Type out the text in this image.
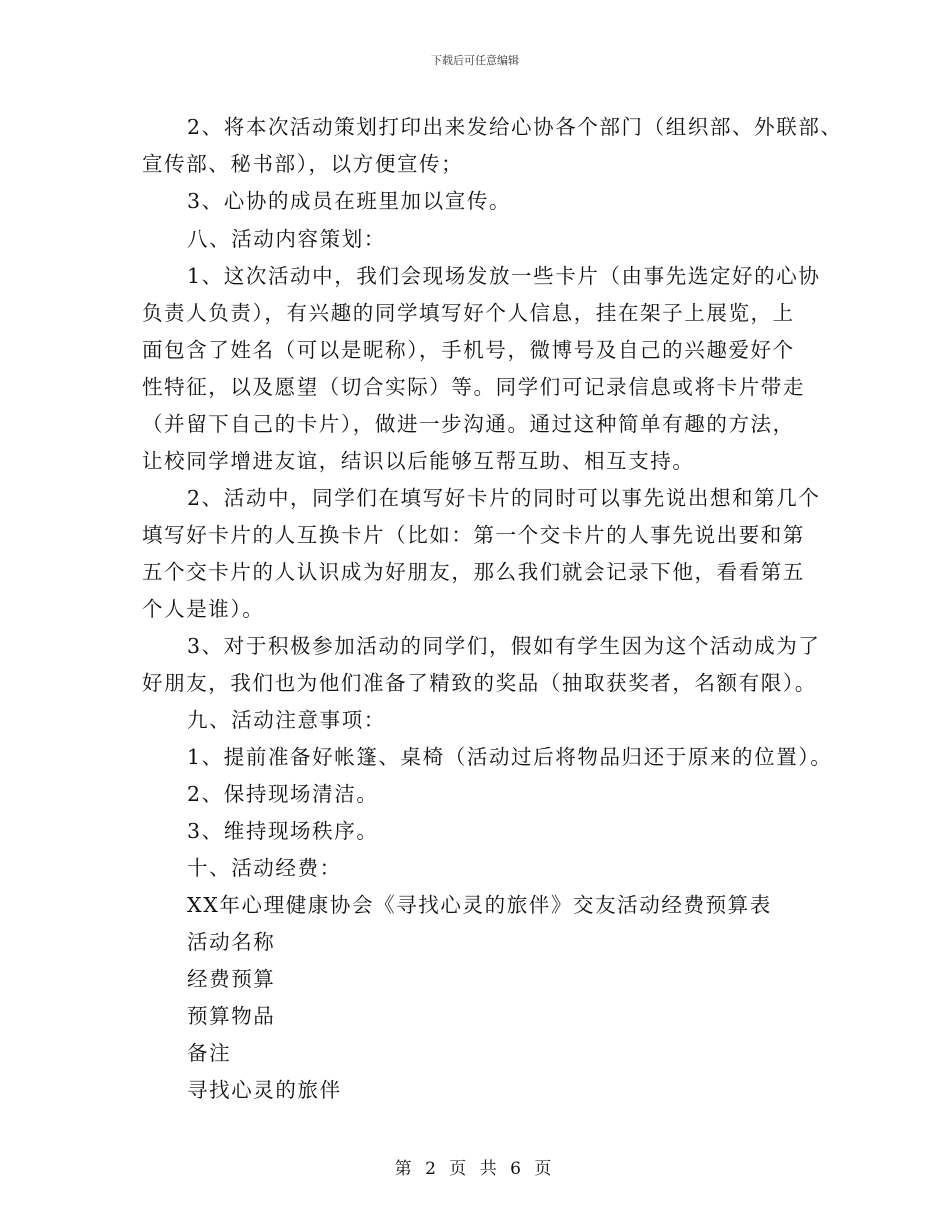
下载后可任意编辑
2、将本次活动策划打印出来发给心协各个部门（组织部、外联部、
宣传部、秘书部），以方便宣传；
3、心协的成员在班里加以宣传。
八、活动内容策划：
1、这次活动中，我们会现场发放一些卡片（由事先选定好的心协
负责人负责），有兴趣的同学填写好个人信息，挂在架子上展览，上
面包含了姓名（可以是昵称），手机号，微博号及自己的兴趣爱好个
性特征，以及愿望（切合实际）等。同学们可记录信息或将卡片带走
（并留下自己的卡片），做进一步沟通。通过这种简单有趣的方法，
让校同学增进友谊，结识以后能够互帮互助、相互支持。
2、活动中，同学们在填写好卡片的同时可以事先说出想和第几个
填写好卡片的人互换卡片（比如：第一个交卡片的人事先说出要和第
五个交卡片的人认识成为好朋友，那么我们就会记录下他，看看第五
个人是谁）。
3、对于积极参加活动的同学们，假如有学生因为这个活动成为了
好朋友，我们也为他们准备了精致的奖品（抽取获奖者，名额有限）。
九、活动注意事项：
1、提前准备好帐篷、桌椅（活动过后将物品归还于原来的位置）。
2、保持现场清洁。
3、维持现场秩序。
十、活动经费：
XX年心理健康协会《寻找心灵的旅伴》交友活动经费预算表
活动名称
经费预算
预算物品
备注
寻找心灵的旅伴
第 2 页 共 6 页
